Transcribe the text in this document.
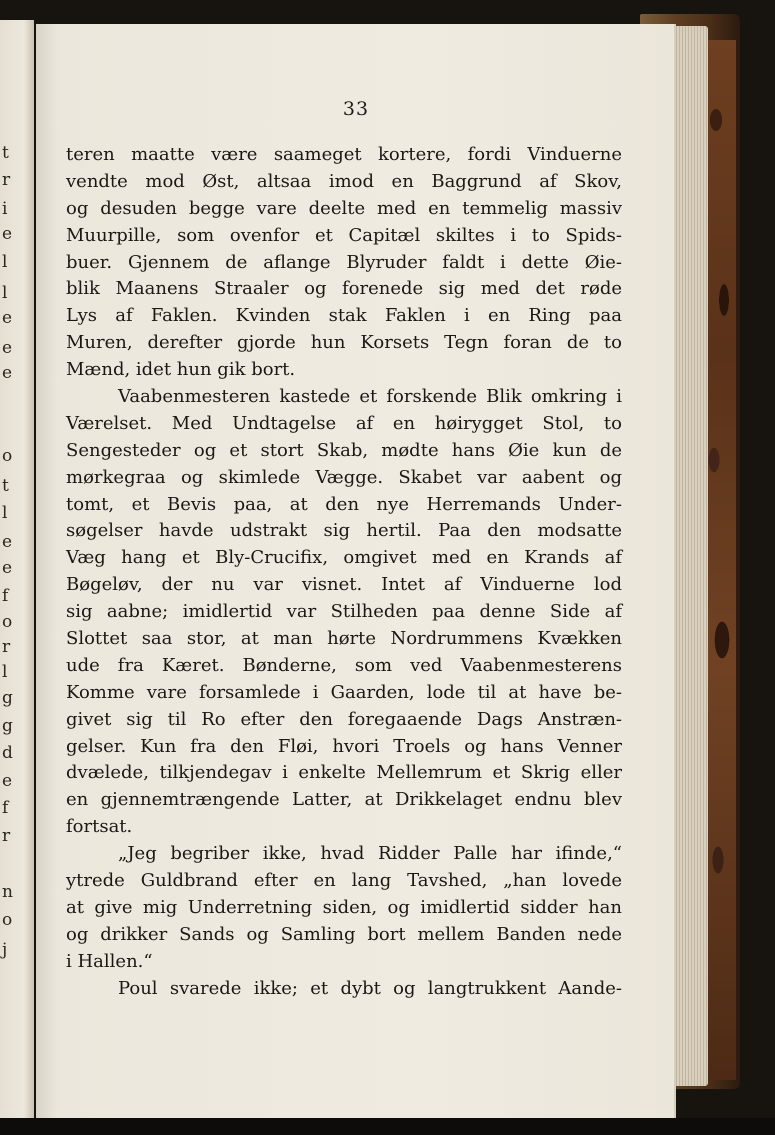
t
r
i
e
l
l
e
e
e
o
t
l
e
e
f
o
r
l
g
g
d
e
f
r
n
o
j
33
teren maatte være saameget kortere, fordi Vinduerne
vendte mod Øst, altsaa imod en Baggrund af Skov,
og desuden begge vare deelte med en temmelig massiv
Muurpille, som ovenfor et Capitæl skiltes i to Spids-
buer. Gjennem de aflange Blyruder faldt i dette Øie-
blik Maanens Straaler og forenede sig med det røde
Lys af Faklen. Kvinden stak Faklen i en Ring paa
Muren, derefter gjorde hun Korsets Tegn foran de to
Mænd, idet hun gik bort.
Vaabenmesteren kastede et forskende Blik omkring i
Værelset. Med Undtagelse af en høirygget Stol, to
Sengesteder og et stort Skab, mødte hans Øie kun de
mørkegraa og skimlede Vægge. Skabet var aabent og
tomt, et Bevis paa, at den nye Herremands Under-
søgelser havde udstrakt sig hertil. Paa den modsatte
Væg hang et Bly-Crucifix, omgivet med en Krands af
Bøgeløv, der nu var visnet. Intet af Vinduerne lod
sig aabne; imidlertid var Stilheden paa denne Side af
Slottet saa stor, at man hørte Nordrummens Kvækken
ude fra Kæret. Bønderne, som ved Vaabenmesterens
Komme vare forsamlede i Gaarden, lode til at have be-
givet sig til Ro efter den foregaaende Dags Anstræn-
gelser. Kun fra den Fløi, hvori Troels og hans Venner
dvælede, tilkjendegav i enkelte Mellemrum et Skrig eller
en gjennemtrængende Latter, at Drikkelaget endnu blev
fortsat.
„Jeg begriber ikke, hvad Ridder Palle har ifinde,“
ytrede Guldbrand efter en lang Tavshed, „han lovede
at give mig Underretning siden, og imidlertid sidder han
og drikker Sands og Samling bort mellem Banden nede
i Hallen.“
Poul svarede ikke; et dybt og langtrukkent Aande-
